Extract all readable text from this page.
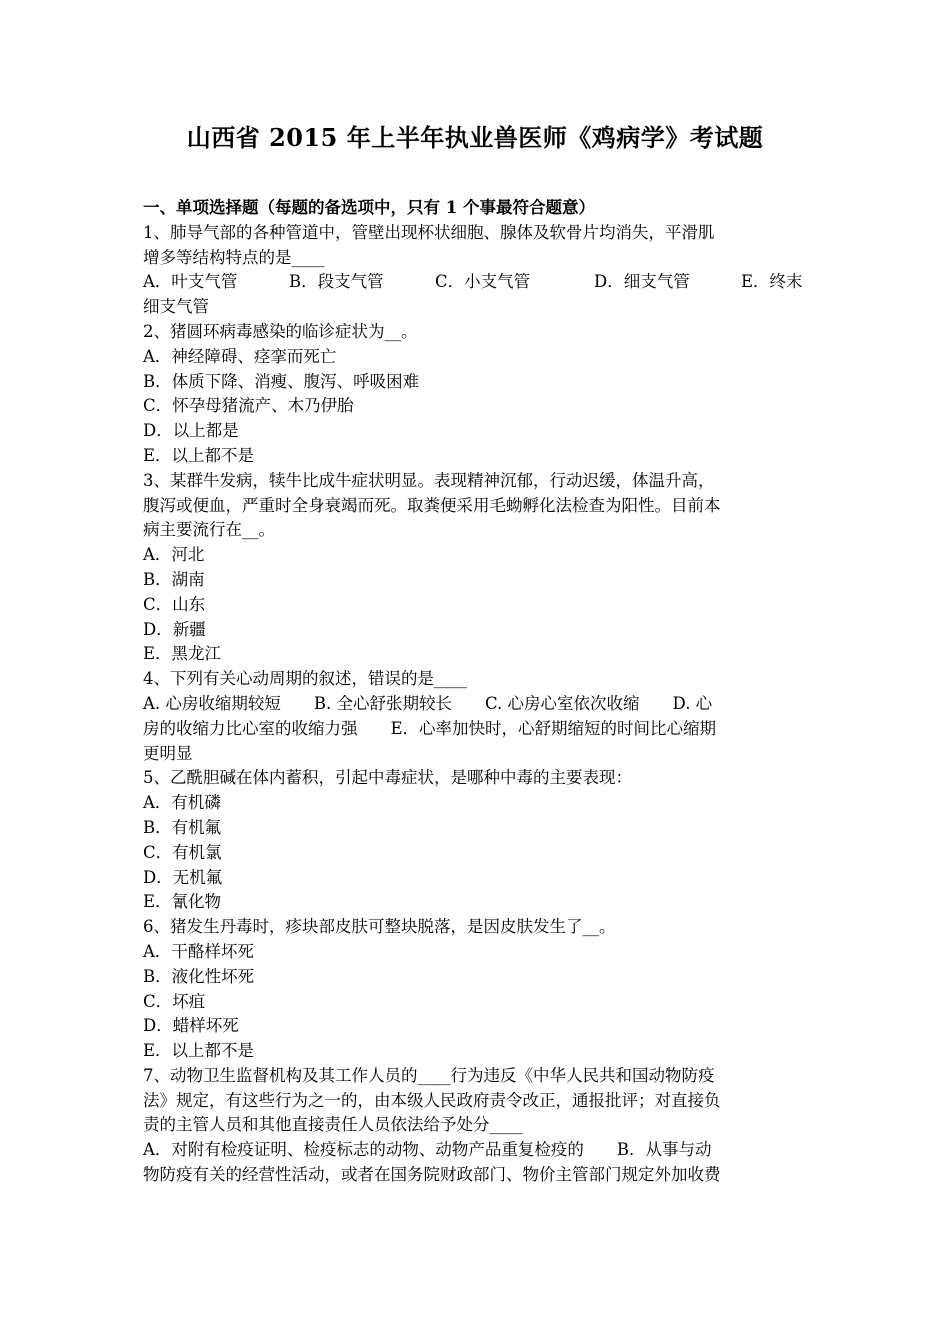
山西省 2015 年上半年执业兽医师《鸡病学》考试题
一、单项选择题（每题的备选项中，只有 1 个事最符合题意）
1、肺导气部的各种管道中，管壁出现杯状细胞、腺体及软骨片均消失，平滑肌
增多等结构特点的是____
A．叶支气管	B．段支气管	C．小支气管	D．细支气管	E．终末
细支气管
2、猪圆环病毒感染的临诊症状为__。
A．神经障碍、痉挛而死亡
B．体质下降、消瘦、腹泻、呼吸困难
C．怀孕母猪流产、木乃伊胎
D．以上都是
E．以上都不是
3、某群牛发病，犊牛比成牛症状明显。表现精神沉郁，行动迟缓，体温升高，
腹泻或便血，严重时全身衰竭而死。取粪便采用毛蚴孵化法检查为阳性。目前本
病主要流行在__。
A．河北
B．湖南
C．山东
D．新疆
E．黑龙江
4、下列有关心动周期的叙述，错误的是____
A. 心房收缩期较短　　B. 全心舒张期较长　　C. 心房心室依次收缩　　D. 心
房的收缩力比心室的收缩力强　　E．心率加快时，心舒期缩短的时间比心缩期
更明显
5、乙酰胆碱在体内蓄积，引起中毒症状，是哪种中毒的主要表现：
A．有机磷
B．有机氟
C．有机氯
D．无机氟
E．氰化物
6、猪发生丹毒时，疹块部皮肤可整块脱落，是因皮肤发生了__。
A．干酪样坏死
B．液化性坏死
C．坏疽
D．蜡样坏死
E．以上都不是
7、动物卫生监督机构及其工作人员的____行为违反《中华人民共和国动物防疫
法》规定，有这些行为之一的，由本级人民政府责令改正，通报批评；对直接负
责的主管人员和其他直接责任人员依法给予处分____
A．对附有检疫证明、检疫标志的动物、动物产品重复检疫的　　B．从事与动
物防疫有关的经营性活动，或者在国务院财政部门、物价主管部门规定外加收费
